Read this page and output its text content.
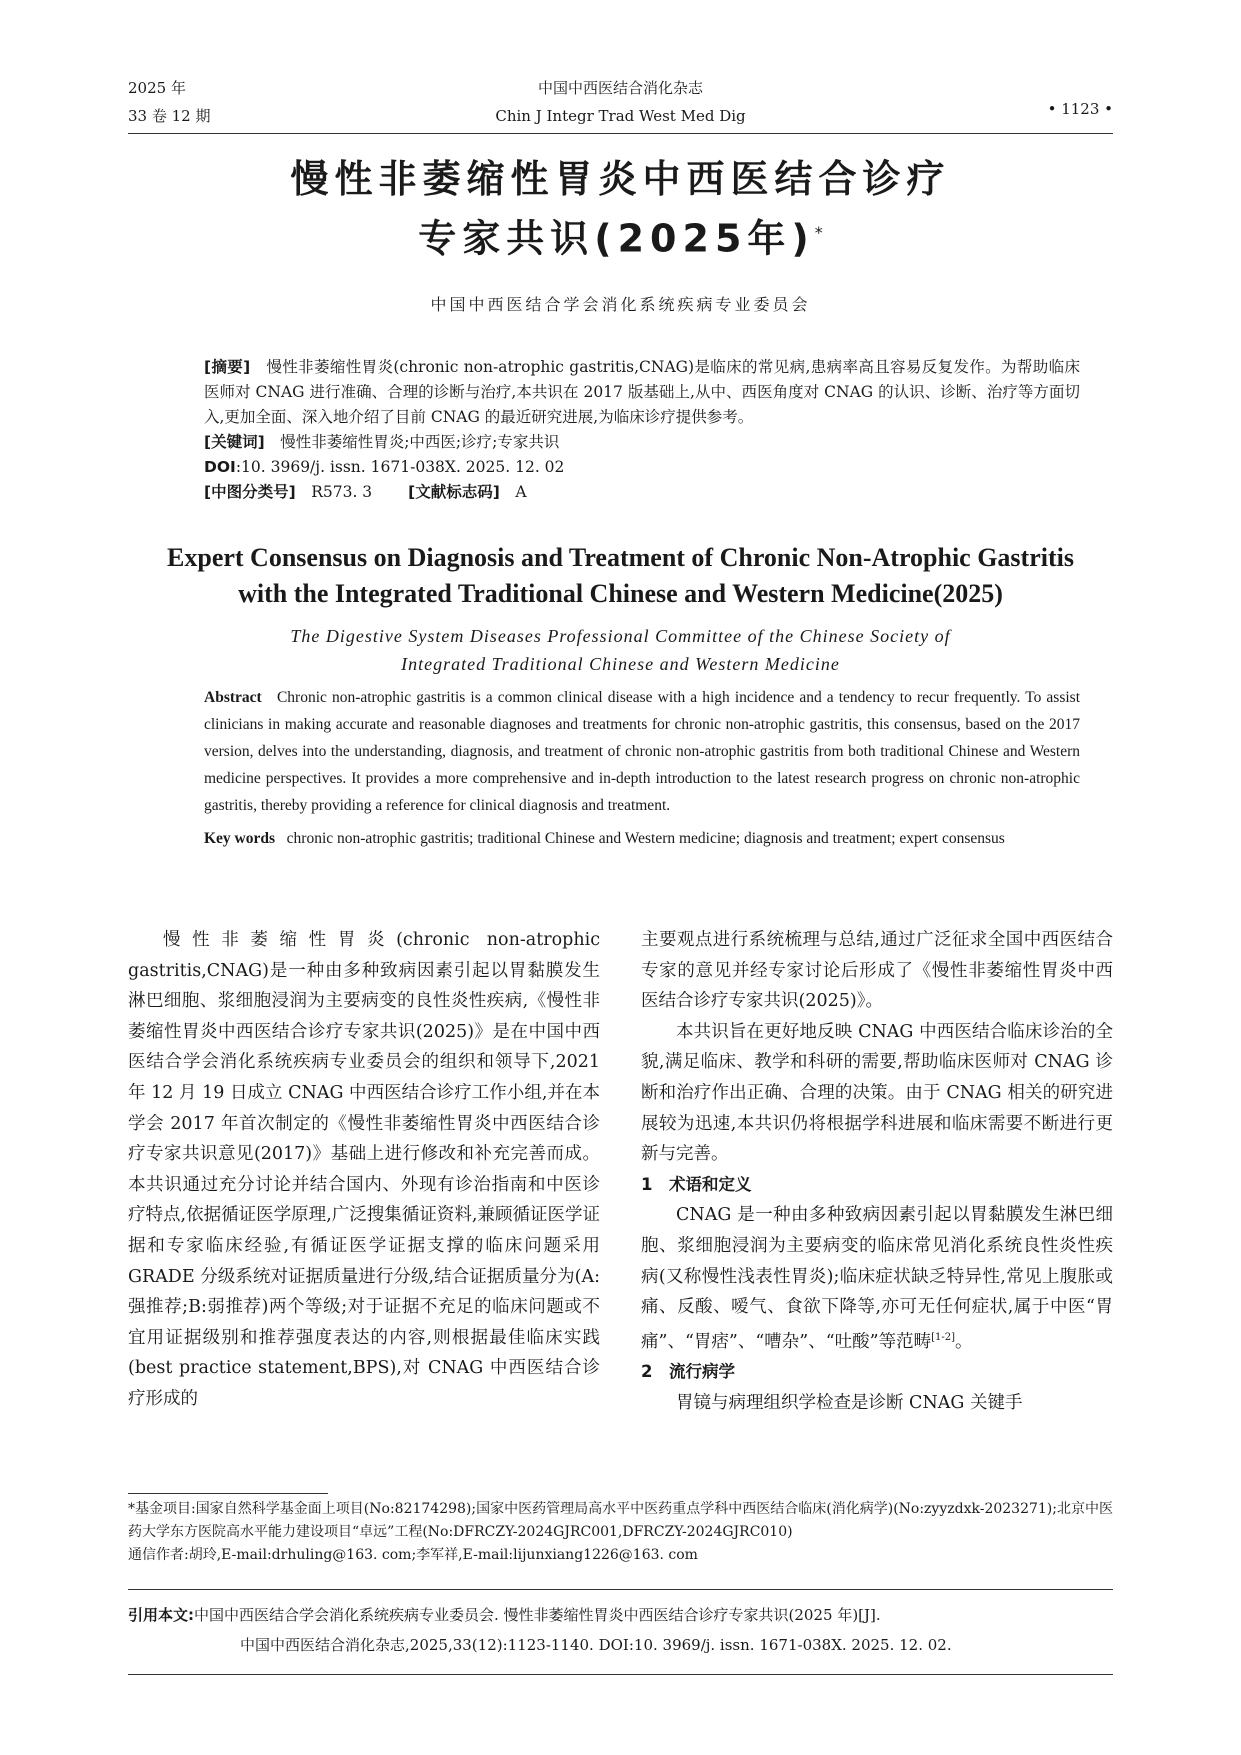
2025 年
33 卷 12 期
中国中西医结合消化杂志
Chin J Integr Trad West Med Dig	• 1123 •
慢性非萎缩性胃炎中西医结合诊疗
专家共识(2025年)*
中国中西医结合学会消化系统疾病专业委员会

[摘要]　 慢性非萎缩性胃炎(chronic non-atrophic gastritis,CNAG)是临床的常见病,患病率高且容易反复发作。为帮助临床医师对 CNAG 进行准确、合理的诊断与治疗,本共识在 2017 版基础上,从中、西医角度对 CNAG 的认识、诊断、治疗等方面切入,更加全面、深入地介绍了目前 CNAG 的最近研究进展,为临床诊疗提供参考。

[关键词]　 慢性非萎缩性胃炎;中西医;诊疗;专家共识

DOI:10. 3969/j. issn. 1671-038X. 2025. 12. 02

[中图分类号]　 R573. 3 [文献标志码]　 A

Expert Consensus on Diagnosis and Treatment of Chronic Non-Atrophic Gastritis
with the Integrated Traditional Chinese and Western Medicine(2025)
The Digestive System Diseases Professional Committee of the Chinese Society of
Integrated Traditional Chinese and Western Medicine

Abstract Chronic non-atrophic gastritis is a common clinical disease with a high incidence and a tendency to recur frequently. To assist clinicians in making accurate and reasonable diagnoses and treatments for chronic non-atrophic gastritis, this consensus, based on the 2017 version, delves into the understanding, diagnosis, and treatment of chronic non-atrophic gastritis from both traditional Chinese and Western medicine perspectives. It provides a more comprehensive and in-depth introduction to the latest research progress on chronic non-atrophic gastritis, thereby providing a reference for clinical diagnosis and treatment.

Key words chronic non-atrophic gastritis; traditional Chinese and Western medicine; diagnosis and treatment; expert consensus

慢性非萎缩性胃炎(chronic non-atrophic gastritis,CNAG)是一种由多种致病因素引起以胃黏膜发生淋巴细胞、浆细胞浸润为主要病变的良性炎性疾病,《慢性非萎缩性胃炎中西医结合诊疗专家共识(2025)》是在中国中西医结合学会消化系统疾病专业委员会的组织和领导下,2021 年 12 月 19 日成立 CNAG 中西医结合诊疗工作小组,并在本学会 2017 年首次制定的《慢性非萎缩性胃炎中西医结合诊疗专家共识意见(2017)》基础上进行修改和补充完善而成。本共识通过充分讨论并结合国内、外现有诊治指南和中医诊疗特点,依据循证医学原理,广泛搜集循证资料,兼顾循证医学证据和专家临床经验,有循证医学证据支撑的临床问题采用 GRADE 分级系统对证据质量进行分级,结合证据质量分为(A:强推荐;B:弱推荐)两个等级;对于证据不充足的临床问题或不宜用证据级别和推荐强度表达的内容,则根据最佳临床实践(best practice statement,BPS),对 CNAG 中西医结合诊疗形成的

主要观点进行系统梳理与总结,通过广泛征求全国中西医结合专家的意见并经专家讨论后形成了《慢性非萎缩性胃炎中西医结合诊疗专家共识(2025)》。

本共识旨在更好地反映 CNAG 中西医结合临床诊治的全貌,满足临床、教学和科研的需要,帮助临床医师对 CNAG 诊断和治疗作出正确、合理的决策。由于 CNAG 相关的研究进展较为迅速,本共识仍将根据学科进展和临床需要不断进行更新与完善。

1　术语和定义

CNAG 是一种由多种致病因素引起以胃黏膜发生淋巴细胞、浆细胞浸润为主要病变的临床常见消化系统良性炎性疾病(又称慢性浅表性胃炎);临床症状缺乏特异性,常见上腹胀或痛、反酸、嗳气、食欲下降等,亦可无任何症状,属于中医“胃痛”、“胃痞”、“嘈杂”、“吐酸”等范畴[1-2]。

2　流行病学

胃镜与病理组织学检查是诊断 CNAG 关键手

*基金项目:国家自然科学基金面上项目(No:82174298);国家中医药管理局高水平中医药重点学科中西医结合临床(消化病学)(No:zyyzdxk-2023271);北京中医药大学东方医院高水平能力建设项目“卓远”工程(No:DFRCZY-2024GJRC001,DFRCZY-2024GJRC010)

通信作者:胡玲,E-mail:drhuling@163. com;李军祥,E-mail:lijunxiang1226@163. com

引用本文:中国中西医结合学会消化系统疾病专业委员会. 慢性非萎缩性胃炎中西医结合诊疗专家共识(2025 年)[J].

中国中西医结合消化杂志,2025,33(12):1123-1140. DOI:10. 3969/j. issn. 1671-038X. 2025. 12. 02.
